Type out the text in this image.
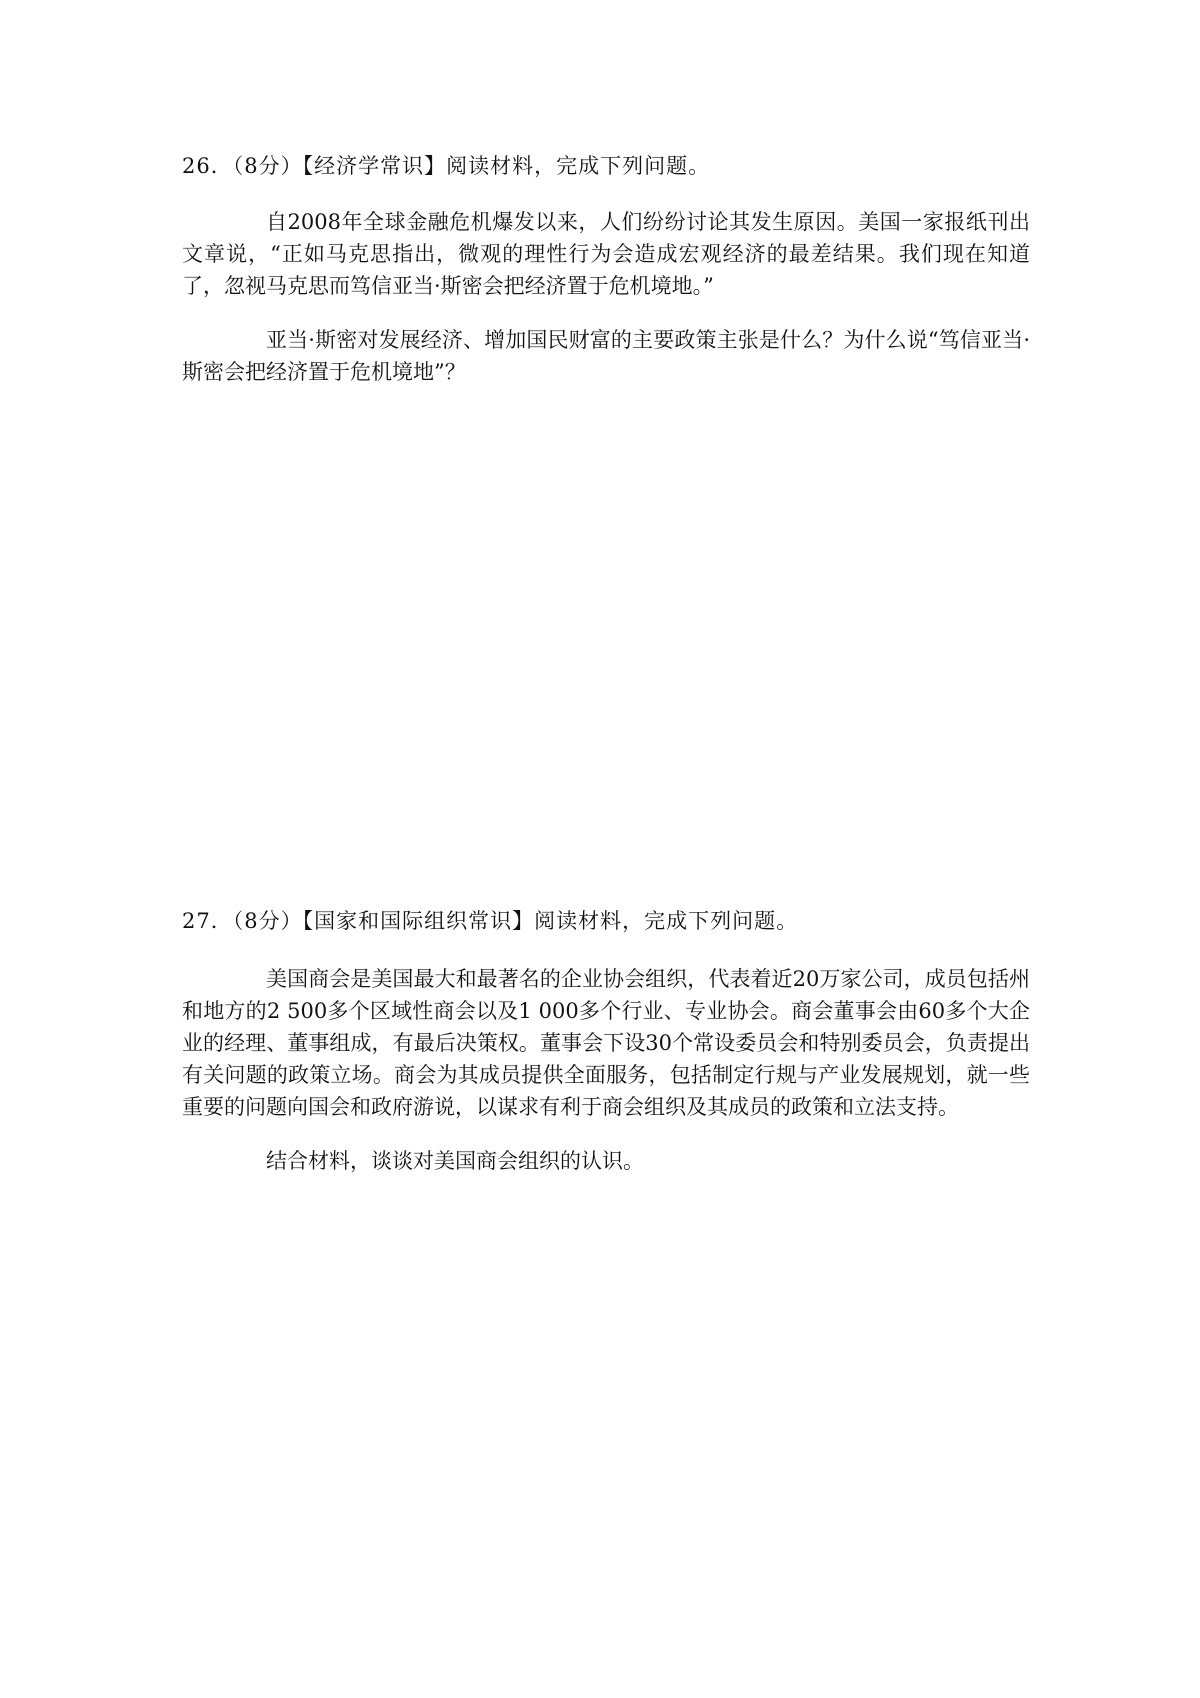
26．（8分）【经济学常识】阅读材料，完成下列问题。

自2008年全球金融危机爆发以来，人们纷纷讨论其发生原因。美国一家报纸刊出文章说，“正如马克思指出，微观的理性行为会造成宏观经济的最差结果。我们现在知道了，忽视马克思而笃信亚当·斯密会把经济置于危机境地。”

亚当·斯密对发展经济、增加国民财富的主要政策主张是什么？为什么说“笃信亚当·斯密会把经济置于危机境地”？

27．（8分）【国家和国际组织常识】阅读材料，完成下列问题。

美国商会是美国最大和最著名的企业协会组织，代表着近20万家公司，成员包括州和地方的2 500多个区域性商会以及1 000多个行业、专业协会。商会董事会由60多个大企业的经理、董事组成，有最后决策权。董事会下设30个常设委员会和特别委员会，负责提出有关问题的政策立场。商会为其成员提供全面服务，包括制定行规与产业发展规划，就一些重要的问题向国会和政府游说，以谋求有利于商会组织及其成员的政策和立法支持。

结合材料，谈谈对美国商会组织的认识。
